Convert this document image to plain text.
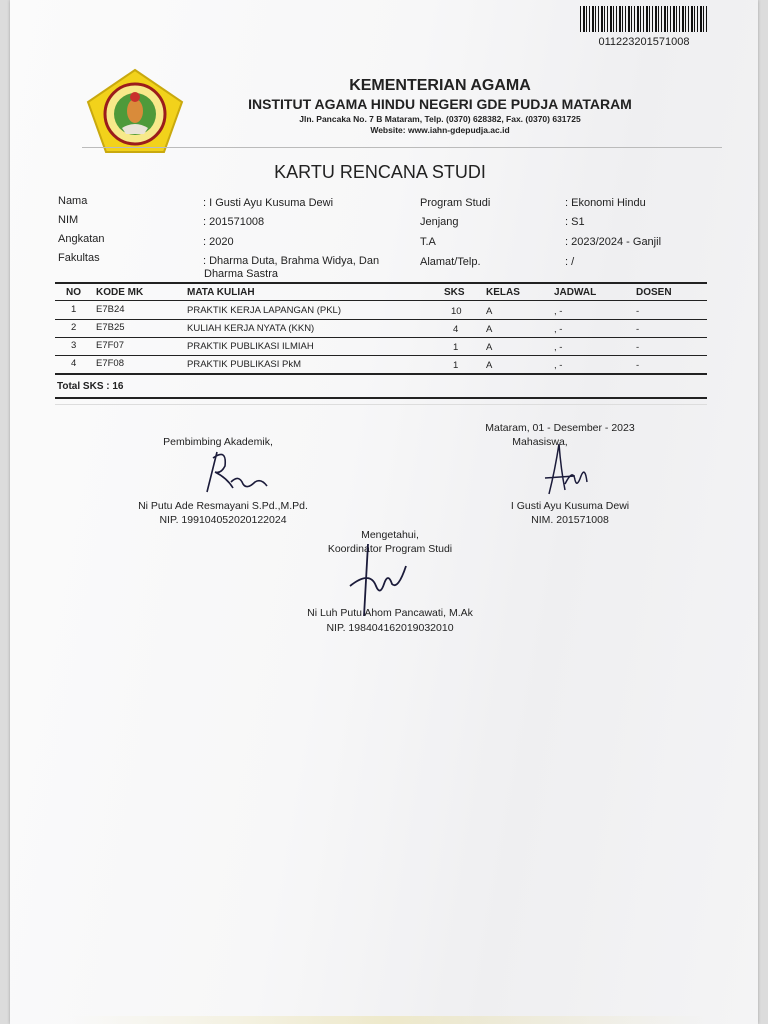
011223201571008
KEMENTERIAN AGAMA
INSTITUT AGAMA HINDU NEGERI GDE PUDJA MATARAM
Jln. Pancaka No. 7 B Mataram, Telp. (0370) 628382, Fax. (0370) 631725
Website: www.iahn-gdepudja.ac.id
KARTU RENCANA STUDI
Nama	: I Gusti Ayu Kusuma Dewi
NIM	: 201571008
Angkatan	: 2020
Fakultas	: Dharma Duta, Brahma Widya, Dan
Dharma Sastra
Program Studi	: Ekonomi Hindu
Jenjang	: S1
T.A	: 2023/2024 - Ganjil
Alamat/Telp.	: /
NO KODE MK	MATA KULIAH	SKS KELAS	JADWAL	DOSEN
1 E7B24	PRAKTIK KERJA LAPANGAN (PKL)	10	A	, -	-
2 E7B25	KULIAH KERJA NYATA (KKN)	4	A	, -	-
3 E7F07	PRAKTIK PUBLIKASI ILMIAH	1	A	, -	-
4 E7F08	PRAKTIK PUBLIKASI PkM	1	A	, -	-
Total SKS : 16
Mataram, 01 - Desember - 2023
Pembimbing Akademik,	Mahasiswa,
Ni Putu Ade Resmayani S.Pd.,M.Pd.
NIP. 199104052020122024
I Gusti Ayu Kusuma Dewi
NIM. 201571008
Mengetahui,
Koordinator Program Studi
Ni Luh Putu Ahom Pancawati, M.Ak
NIP. 198404162019032010
